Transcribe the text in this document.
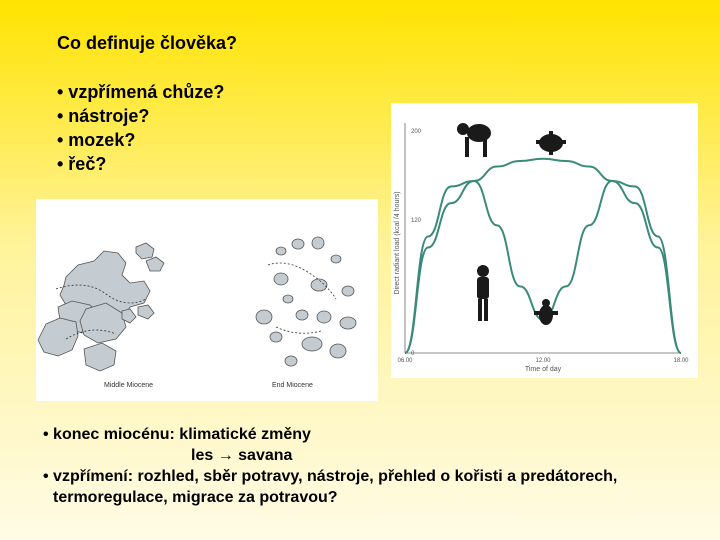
Co definuje člověka?
• vzpřímená chůze?
• nástroje?
• mozek?
• řeč?
Middle Miocene	End Miocene
Direct radiant load (kcal /4 hours)
Time of day
0
120
200
06.00	12.00	18.00
• konec miocénu: klimatické změny
les → savana
• vzpřímení: rozhled, sběr potravy, nástroje, přehled o kořisti a predátorech,
termoregulace, migrace za potravou?
